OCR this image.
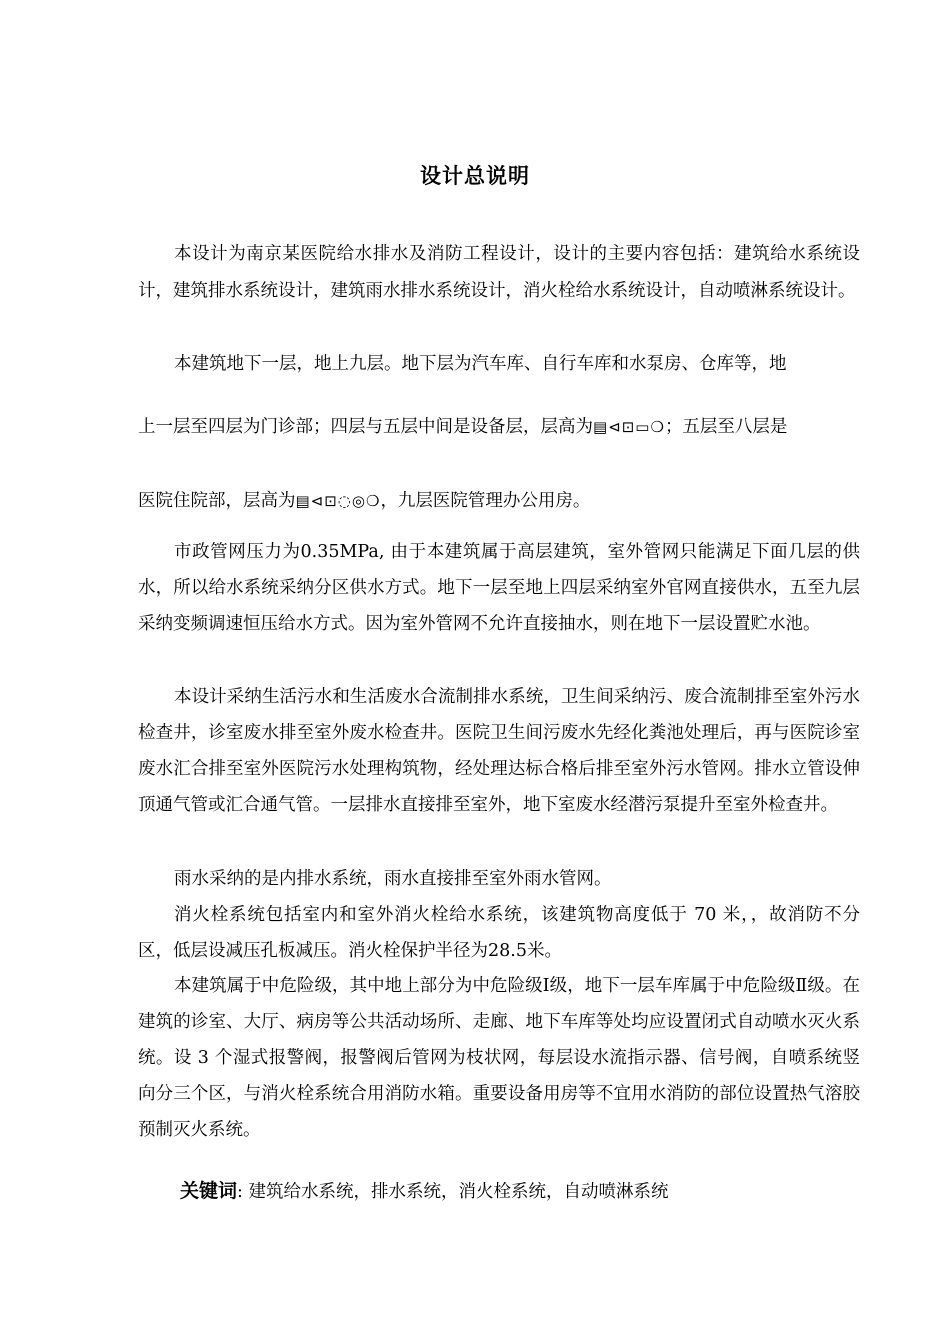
设计总说明

本设计为南京某医院给水排水及消防工程设计，设计的主要内容包括：建筑给水系统设计，建筑排水系统设计，建筑雨水排水系统设计，消火栓给水系统设计，自动喷淋系统设计。

本建筑地下一层，地上九层。地下层为汽车库、自行车库和水泵房、仓库等，地

上一层至四层为门诊部；四层与五层中间是设备层，层高为▤⊲⊡▭❍；五层至八层是

医院住院部，层高为▤⊲⊡◌◎❍，九层医院管理办公用房。

市政管网压力为0.35MPa, 由于本建筑属于高层建筑，室外管网只能满足下面几层的供水，所以给水系统采纳分区供水方式。地下一层至地上四层采纳室外官网直接供水，五至九层采纳变频调速恒压给水方式。因为室外管网不允许直接抽水，则在地下一层设置贮水池。

本设计采纳生活污水和生活废水合流制排水系统，卫生间采纳污、废合流制排至室外污水检查井，诊室废水排至室外废水检查井。医院卫生间污废水先经化粪池处理后，再与医院诊室废水汇合排至室外医院污水处理构筑物，经处理达标合格后排至室外污水管网。排水立管设伸顶通气管或汇合通气管。一层排水直接排至室外，地下室废水经潜污泵提升至室外检查井。

雨水采纳的是内排水系统，雨水直接排至室外雨水管网。

消火栓系统包括室内和室外消火栓给水系统，该建筑物高度低于 70 米，，故消防不分区，低层设减压孔板减压。消火栓保护半径为28.5米。

本建筑属于中危险级，其中地上部分为中危险级Ⅰ级，地下一层车库属于中危险级Ⅱ级。在建筑的诊室、大厅、病房等公共活动场所、走廊、地下车库等处均应设置闭式自动喷水灭火系统。设 3 个湿式报警阀，报警阀后管网为枝状网，每层设水流指示器、信号阀，自喷系统竖向分三个区，与消火栓系统合用消防水箱。重要设备用房等不宜用水消防的部位设置热气溶胶预制灭火系统。

关键词: 建筑给水系统，排水系统，消火栓系统，自动喷淋系统
